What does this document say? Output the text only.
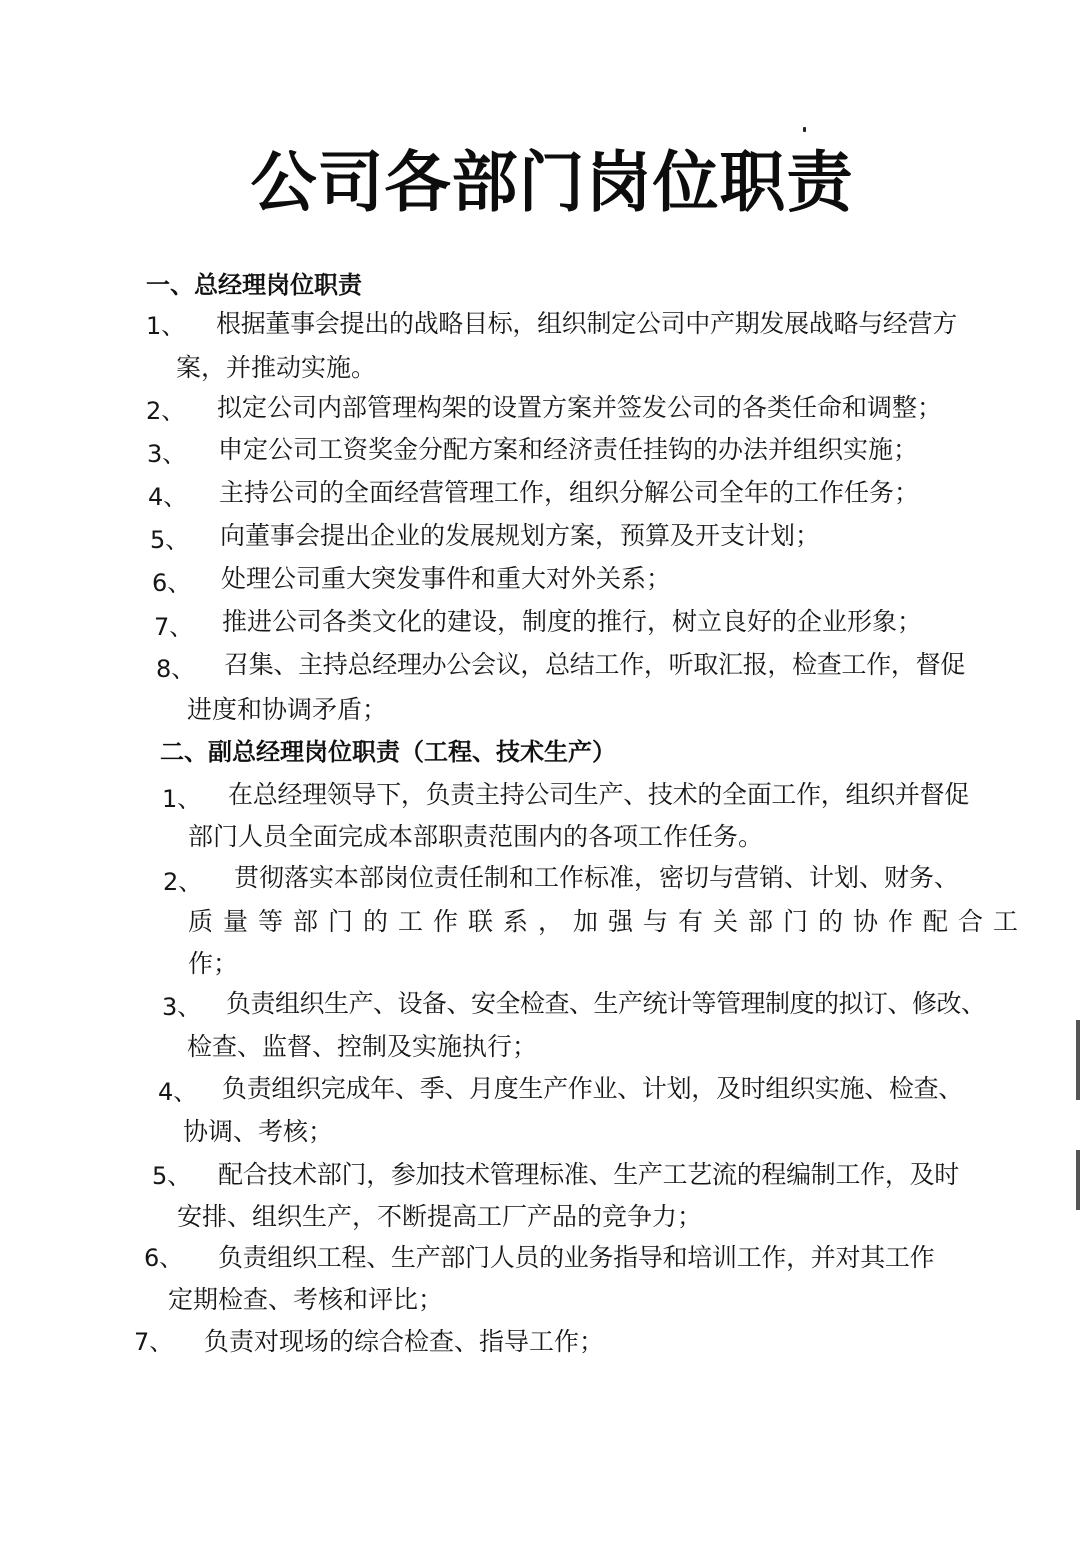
公司各部门岗位职责
一、总经理岗位职责
1、 根据董事会提出的战略目标，组织制定公司中产期发展战略与经营方
案，并推动实施。
2、 拟定公司内部管理构架的设置方案并签发公司的各类任命和调整；
3、 申定公司工资奖金分配方案和经济责任挂钩的办法并组织实施；
4、 主持公司的全面经营管理工作，组织分解公司全年的工作任务；
5、 向董事会提出企业的发展规划方案，预算及开支计划；
6、 处理公司重大突发事件和重大对外关系；
7、 推进公司各类文化的建设，制度的推行，树立良好的企业形象；
8、 召集、主持总经理办公会议，总结工作，听取汇报，检查工作，督促
进度和协调矛盾；
二、副总经理岗位职责（工程、技术生产）
1、 在总经理领导下，负责主持公司生产、技术的全面工作，组织并督促
部门人员全面完成本部职责范围内的各项工作任务。
2、 贯彻落实本部岗位责任制和工作标准，密切与营销、计划、财务、
质量等部门的工作联系，加强与有关部门的协作配合工
作；
3、 负责组织生产、设备、安全检查、生产统计等管理制度的拟订、修改、
检查、监督、控制及实施执行；
4、 负责组织完成年、季、月度生产作业、计划，及时组织实施、检查、
协调、考核；
5、 配合技术部门，参加技术管理标准、生产工艺流的程编制工作，及时
安排、组织生产，不断提高工厂产品的竞争力；
6、 负责组织工程、生产部门人员的业务指导和培训工作，并对其工作
定期检查、考核和评比；
7、 负责对现场的综合检查、指导工作；
